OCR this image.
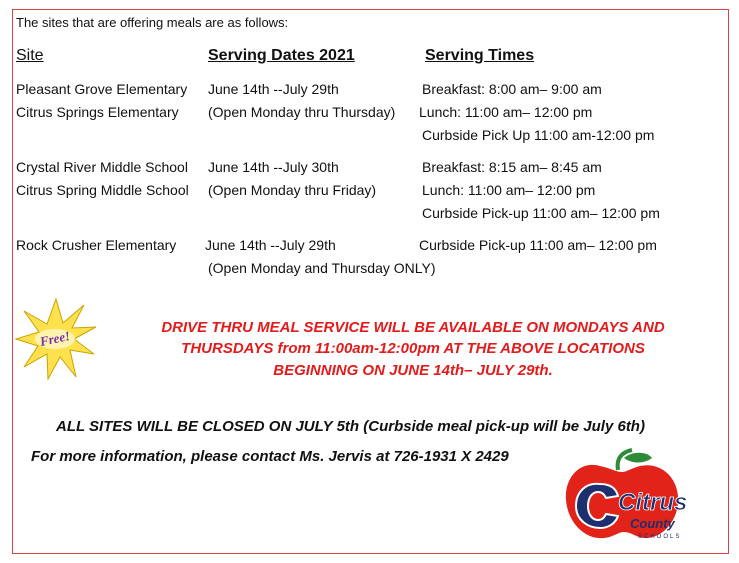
The sites that are offering meals are as follows:
Site	Serving Dates 2021	Serving Times
Pleasant Grove Elementary
Citrus Springs Elementary
June 14th --July 29th
(Open Monday thru Thursday)
Breakfast: 8:00 am– 9:00 am
Lunch: 11:00 am– 12:00 pm
Curbside Pick Up 11:00 am-12:00 pm
Crystal River Middle School
Citrus Spring Middle School
June 14th --July 30th
(Open Monday thru Friday)
Breakfast: 8:15 am– 8:45 am
Lunch: 11:00 am– 12:00 pm
Curbside Pick-up 11:00 am– 12:00 pm
Rock Crusher Elementary June 14th --July 29th
(Open Monday and Thursday ONLY)
Curbside Pick-up 11:00 am– 12:00 pm
Free!
DRIVE THRU MEAL SERVICE WILL BE AVAILABLE ON MONDAYS AND
THURSDAYS from 11:00am-12:00pm AT THE ABOVE LOCATIONS
BEGINNING ON JUNE 14th– JULY 29th.
ALL SITES WILL BE CLOSED ON JULY 5th (Curbside meal pick-up will be July 6th)
For more information, please contact Ms. Jervis at 726-1931 X 2429
Citrus
County
SCHOOLS
